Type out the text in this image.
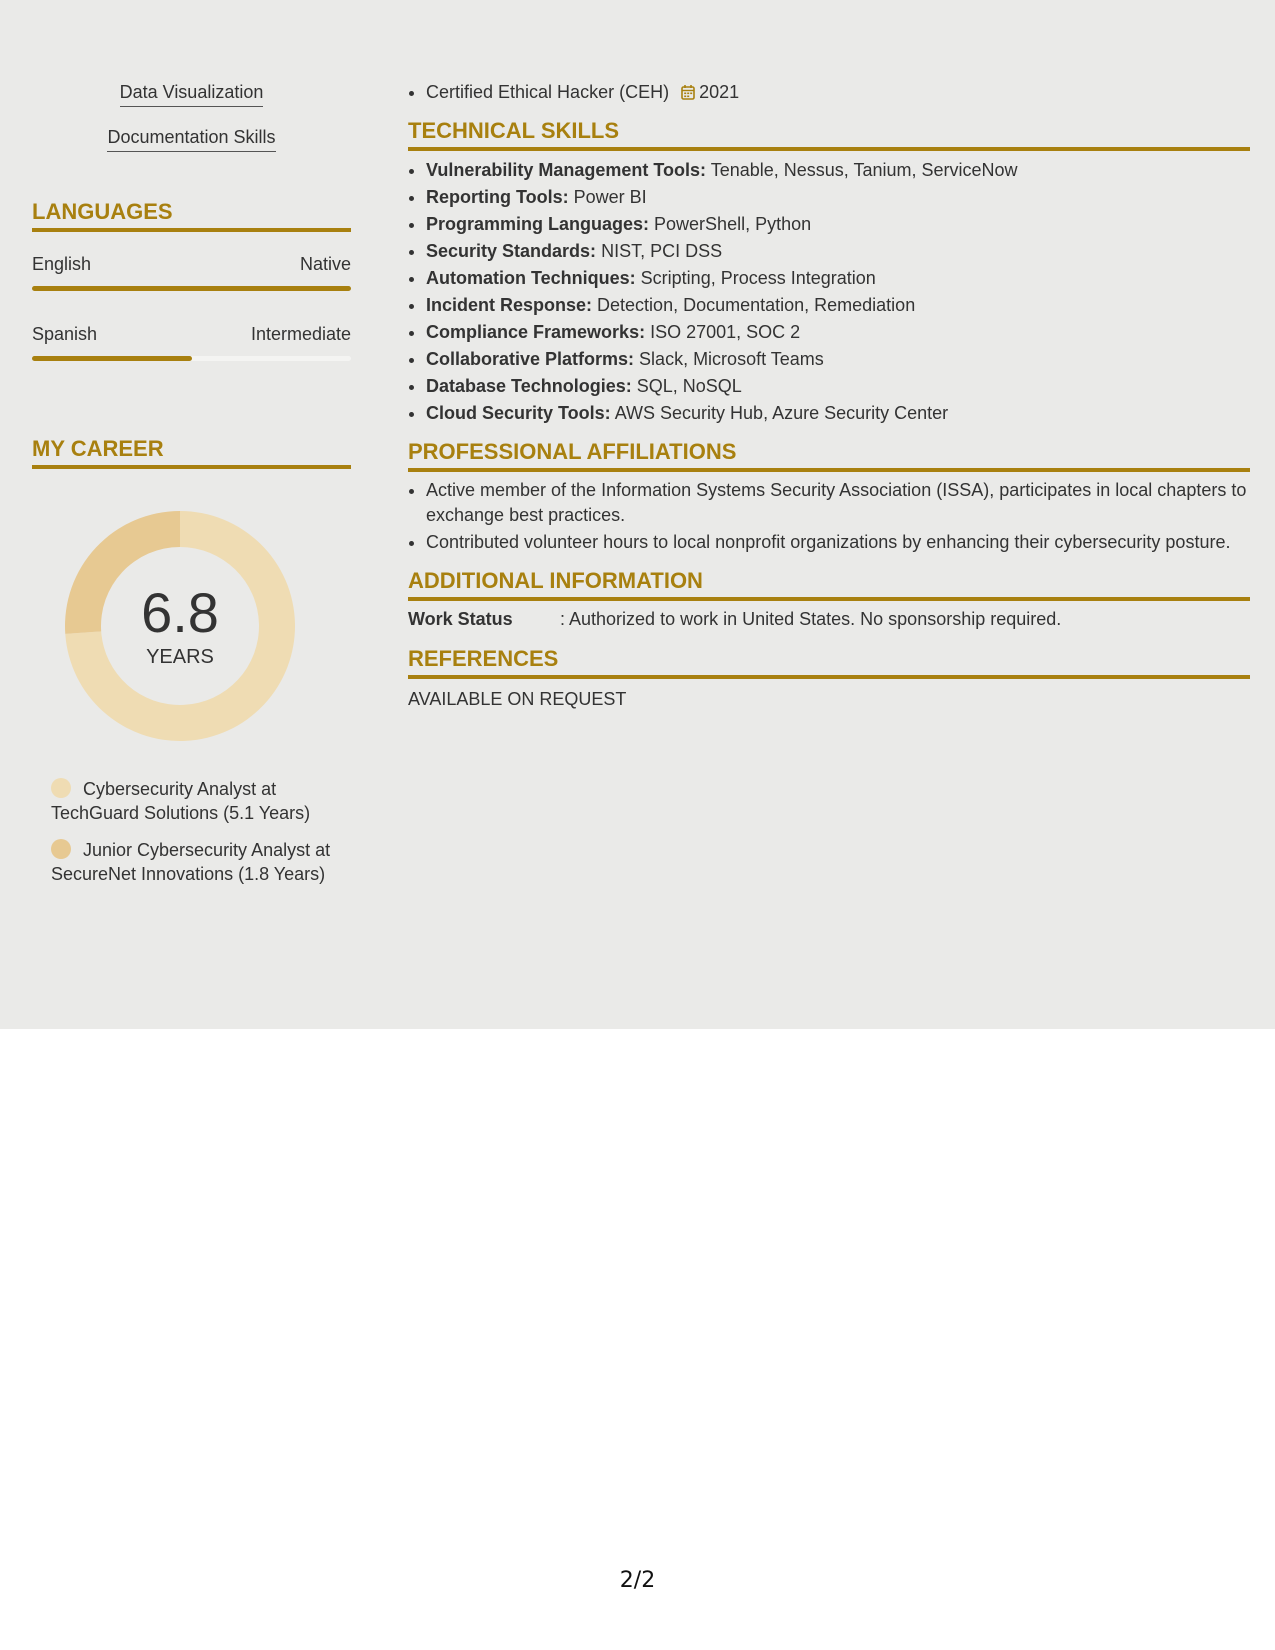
Data Visualization
Documentation Skills
LANGUAGES
English	Native
Spanish	Intermediate
MY CAREER
6.8
YEARS
Cybersecurity Analyst at TechGuard Solutions (5.1 Years)
Junior Cybersecurity Analyst at SecureNet Innovations (1.8 Years)
• Certified Ethical Hacker (CEH) 2021
TECHNICAL SKILLS
• Vulnerability Management Tools: Tenable, Nessus, Tanium, ServiceNow
• Reporting Tools: Power BI
• Programming Languages: PowerShell, Python
• Security Standards: NIST, PCI DSS
• Automation Techniques: Scripting, Process Integration
• Incident Response: Detection, Documentation, Remediation
• Compliance Frameworks: ISO 27001, SOC 2
• Collaborative Platforms: Slack, Microsoft Teams
• Database Technologies: SQL, NoSQL
• Cloud Security Tools: AWS Security Hub, Azure Security Center
PROFESSIONAL AFFILIATIONS
• Active member of the Information Systems Security Association (ISSA), participates in local chapters to exchange best practices.
• Contributed volunteer hours to local nonprofit organizations by enhancing their cybersecurity posture.
ADDITIONAL INFORMATION
Work Status	: Authorized to work in United States. No sponsorship required.
REFERENCES
AVAILABLE ON REQUEST
2/2
